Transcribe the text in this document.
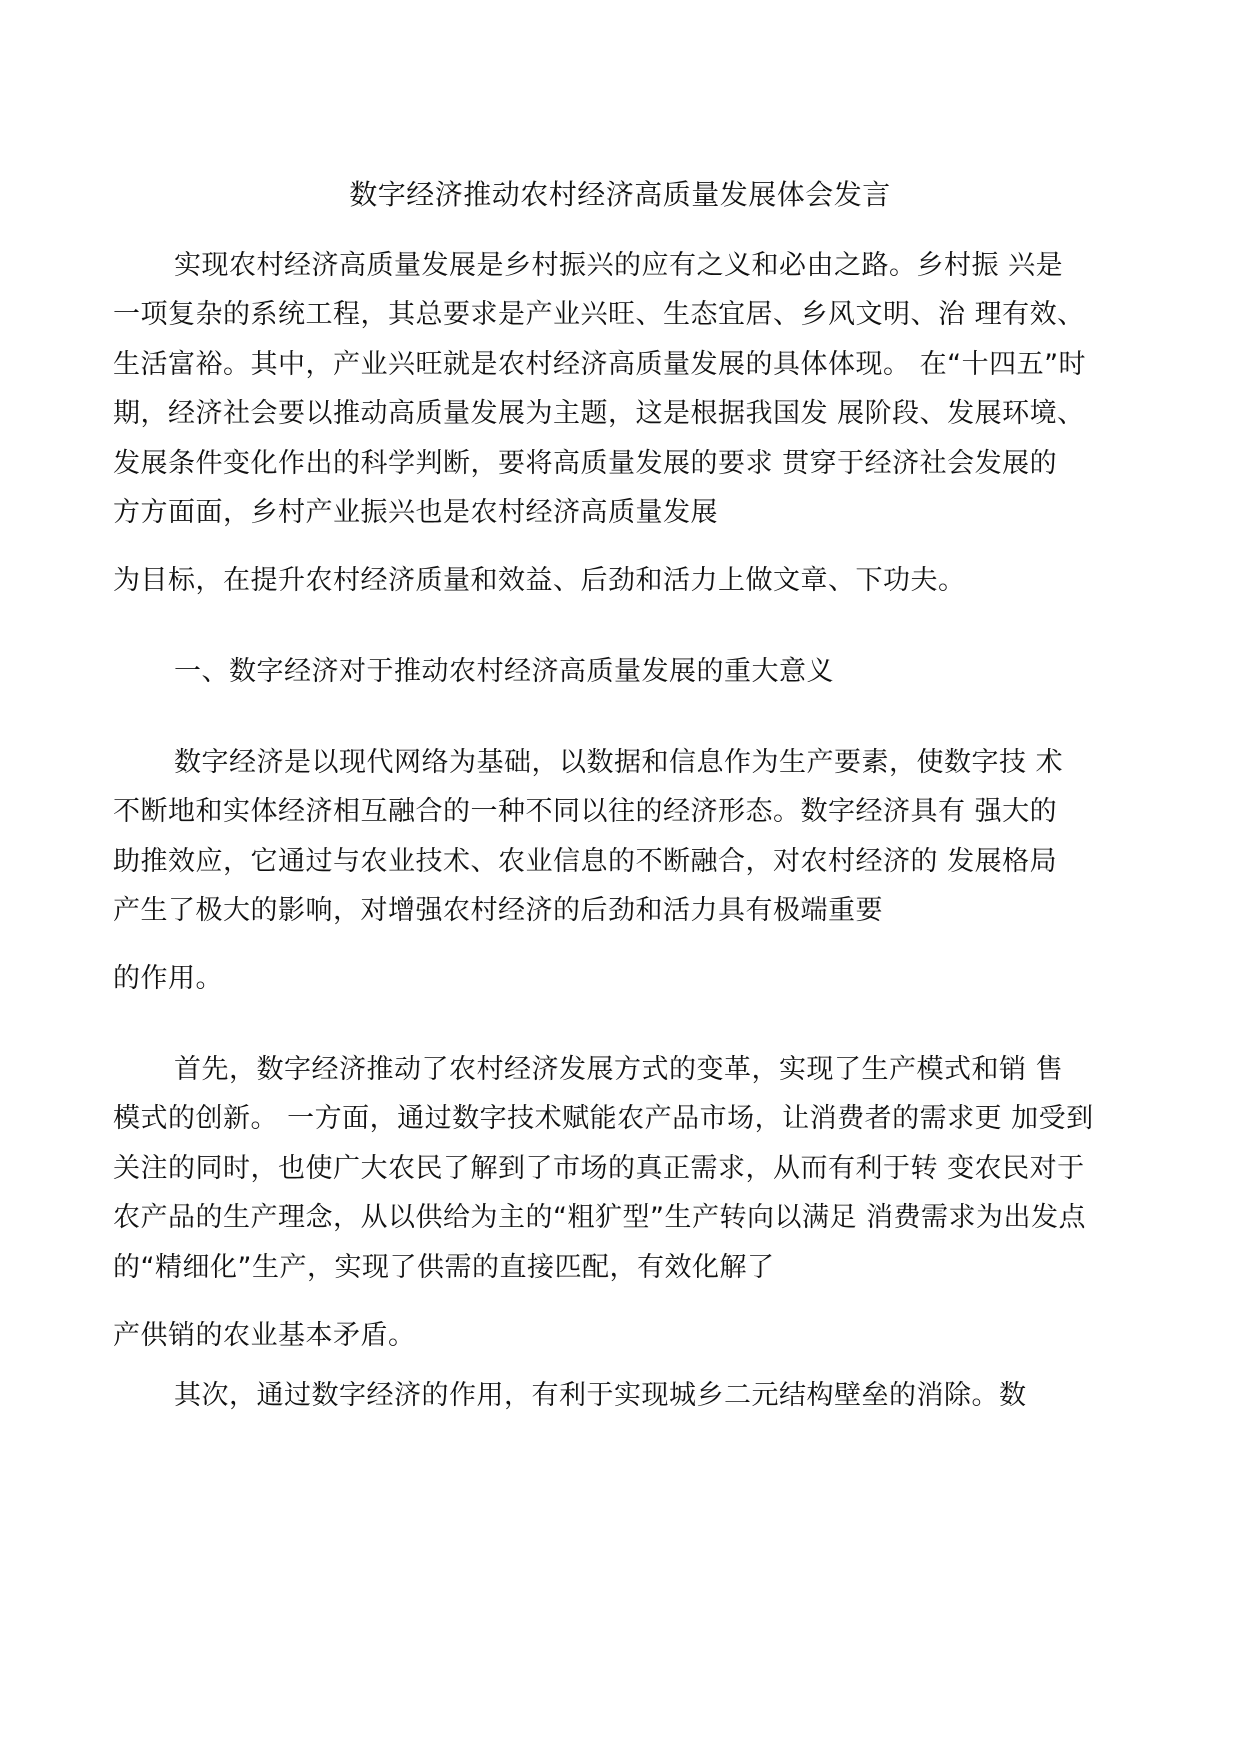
数字经济推动农村经济高质量发展体会发言

实现农村经济高质量发展是乡村振兴的应有之义和必由之路。乡村振 兴是

一项复杂的系统工程，其总要求是产业兴旺、生态宜居、乡风文明、治 理有效、

生活富裕。其中，产业兴旺就是农村经济高质量发展的具体体现。 在“十四五”时

期，经济社会要以推动高质量发展为主题，这是根据我国发 展阶段、发展环境、

发展条件变化作出的科学判断，要将高质量发展的要求 贯穿于经济社会发展的

方方面面，乡村产业振兴也是农村经济高质量发展

为目标，在提升农村经济质量和效益、后劲和活力上做文章、下功夫。

一、数字经济对于推动农村经济高质量发展的重大意义

数字经济是以现代网络为基础，以数据和信息作为生产要素，使数字技 术

不断地和实体经济相互融合的一种不同以往的经济形态。数字经济具有 强大的

助推效应，它通过与农业技术、农业信息的不断融合，对农村经济的 发展格局

产生了极大的影响，对增强农村经济的后劲和活力具有极端重要

的作用。

首先，数字经济推动了农村经济发展方式的变革，实现了生产模式和销 售

模式的创新。 一方面，通过数字技术赋能农产品市场，让消费者的需求更 加受到

关注的同时，也使广大农民了解到了市场的真正需求，从而有利于转 变农民对于

农产品的生产理念，从以供给为主的“粗犷型”生产转向以满足 消费需求为出发点

的“精细化”生产，实现了供需的直接匹配，有效化解了

产供销的农业基本矛盾。

其次，通过数字经济的作用，有利于实现城乡二元结构壁垒的消除。数
